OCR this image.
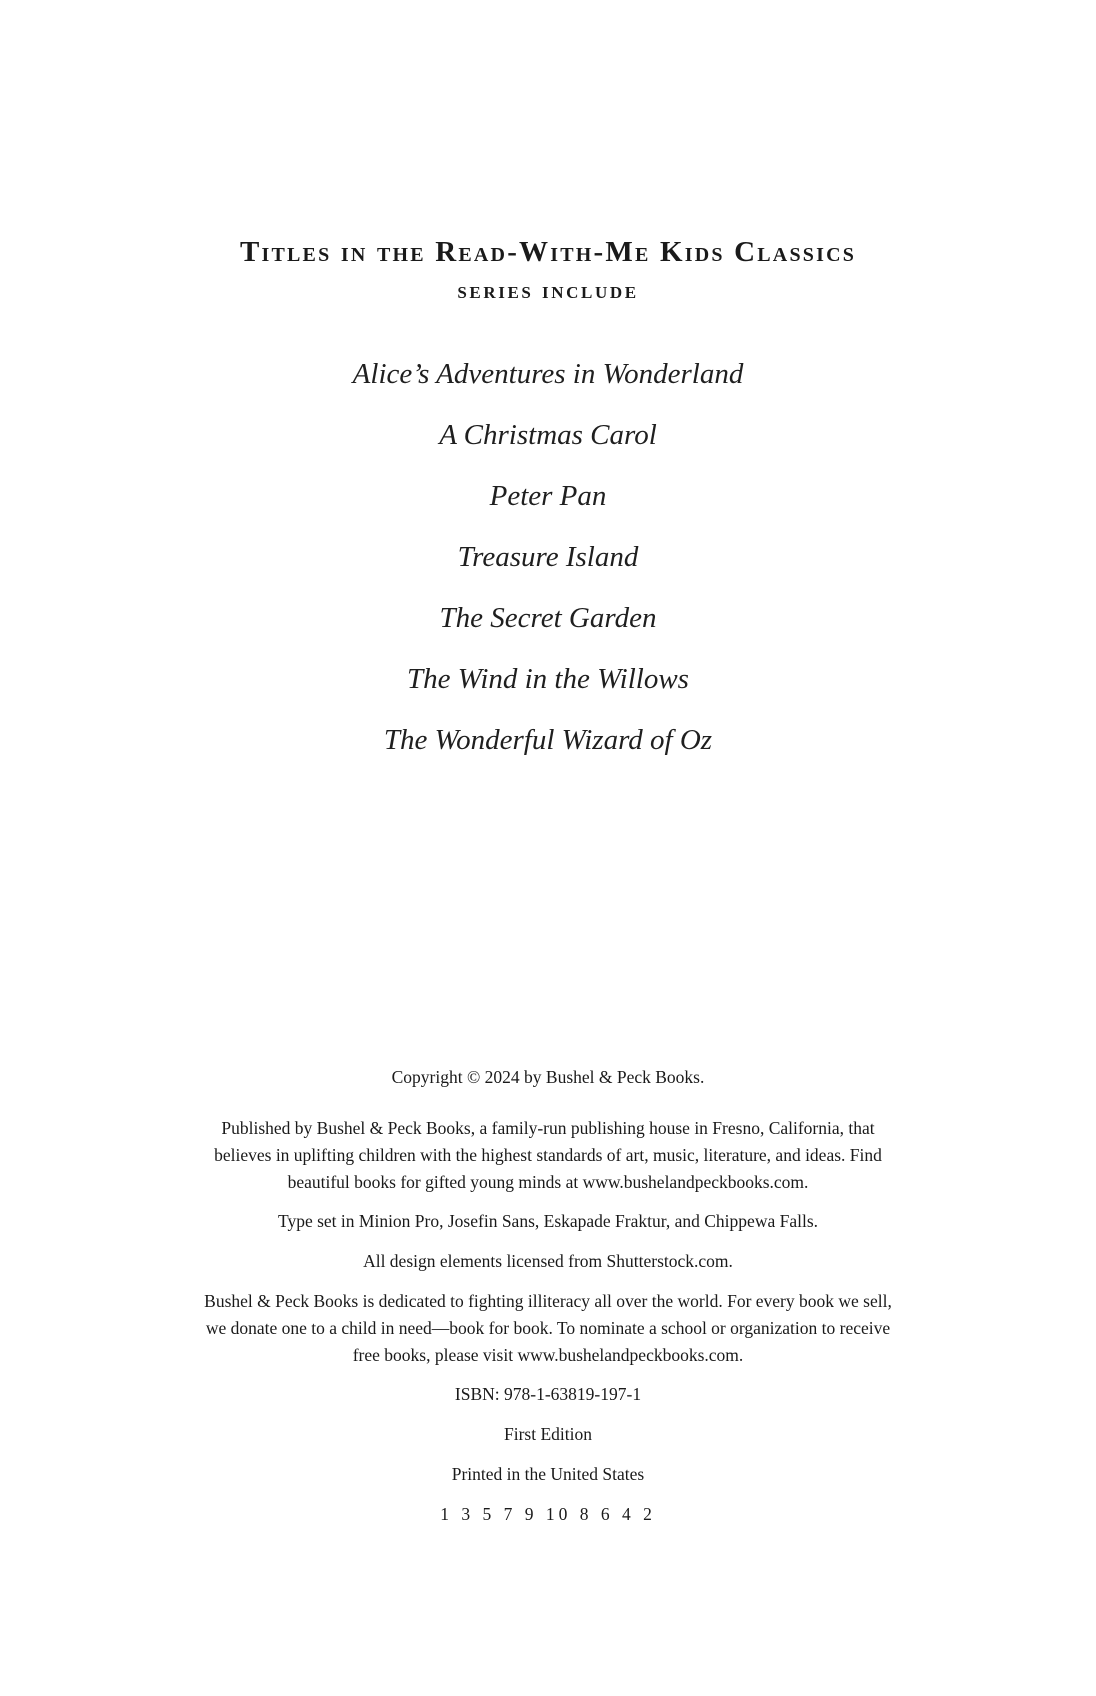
Titles in the Read-With-Me Kids Classics
series include
Alice’s Adventures in Wonderland
A Christmas Carol
Peter Pan
Treasure Island
The Secret Garden
The Wind in the Willows
The Wonderful Wizard of Oz

Copyright © 2024 by Bushel & Peck Books.

Published by Bushel & Peck Books, a family-run publishing house in Fresno, California, that believes in uplifting children with the highest standards of art, music, literature, and ideas. Find beautiful books for gifted young minds at www.bushelandpeckbooks.com.

Type set in Minion Pro, Josefin Sans, Eskapade Fraktur, and Chippewa Falls.

All design elements licensed from Shutterstock.com.

Bushel & Peck Books is dedicated to fighting illiteracy all over the world. For every book we sell, we donate one to a child in need—book for book. To nominate a school or organization to receive free books, please visit www.bushelandpeckbooks.com.

ISBN: 978-1-63819-197-1

First Edition

Printed in the United States

1 3 5 7 9 10 8 6 4 2
